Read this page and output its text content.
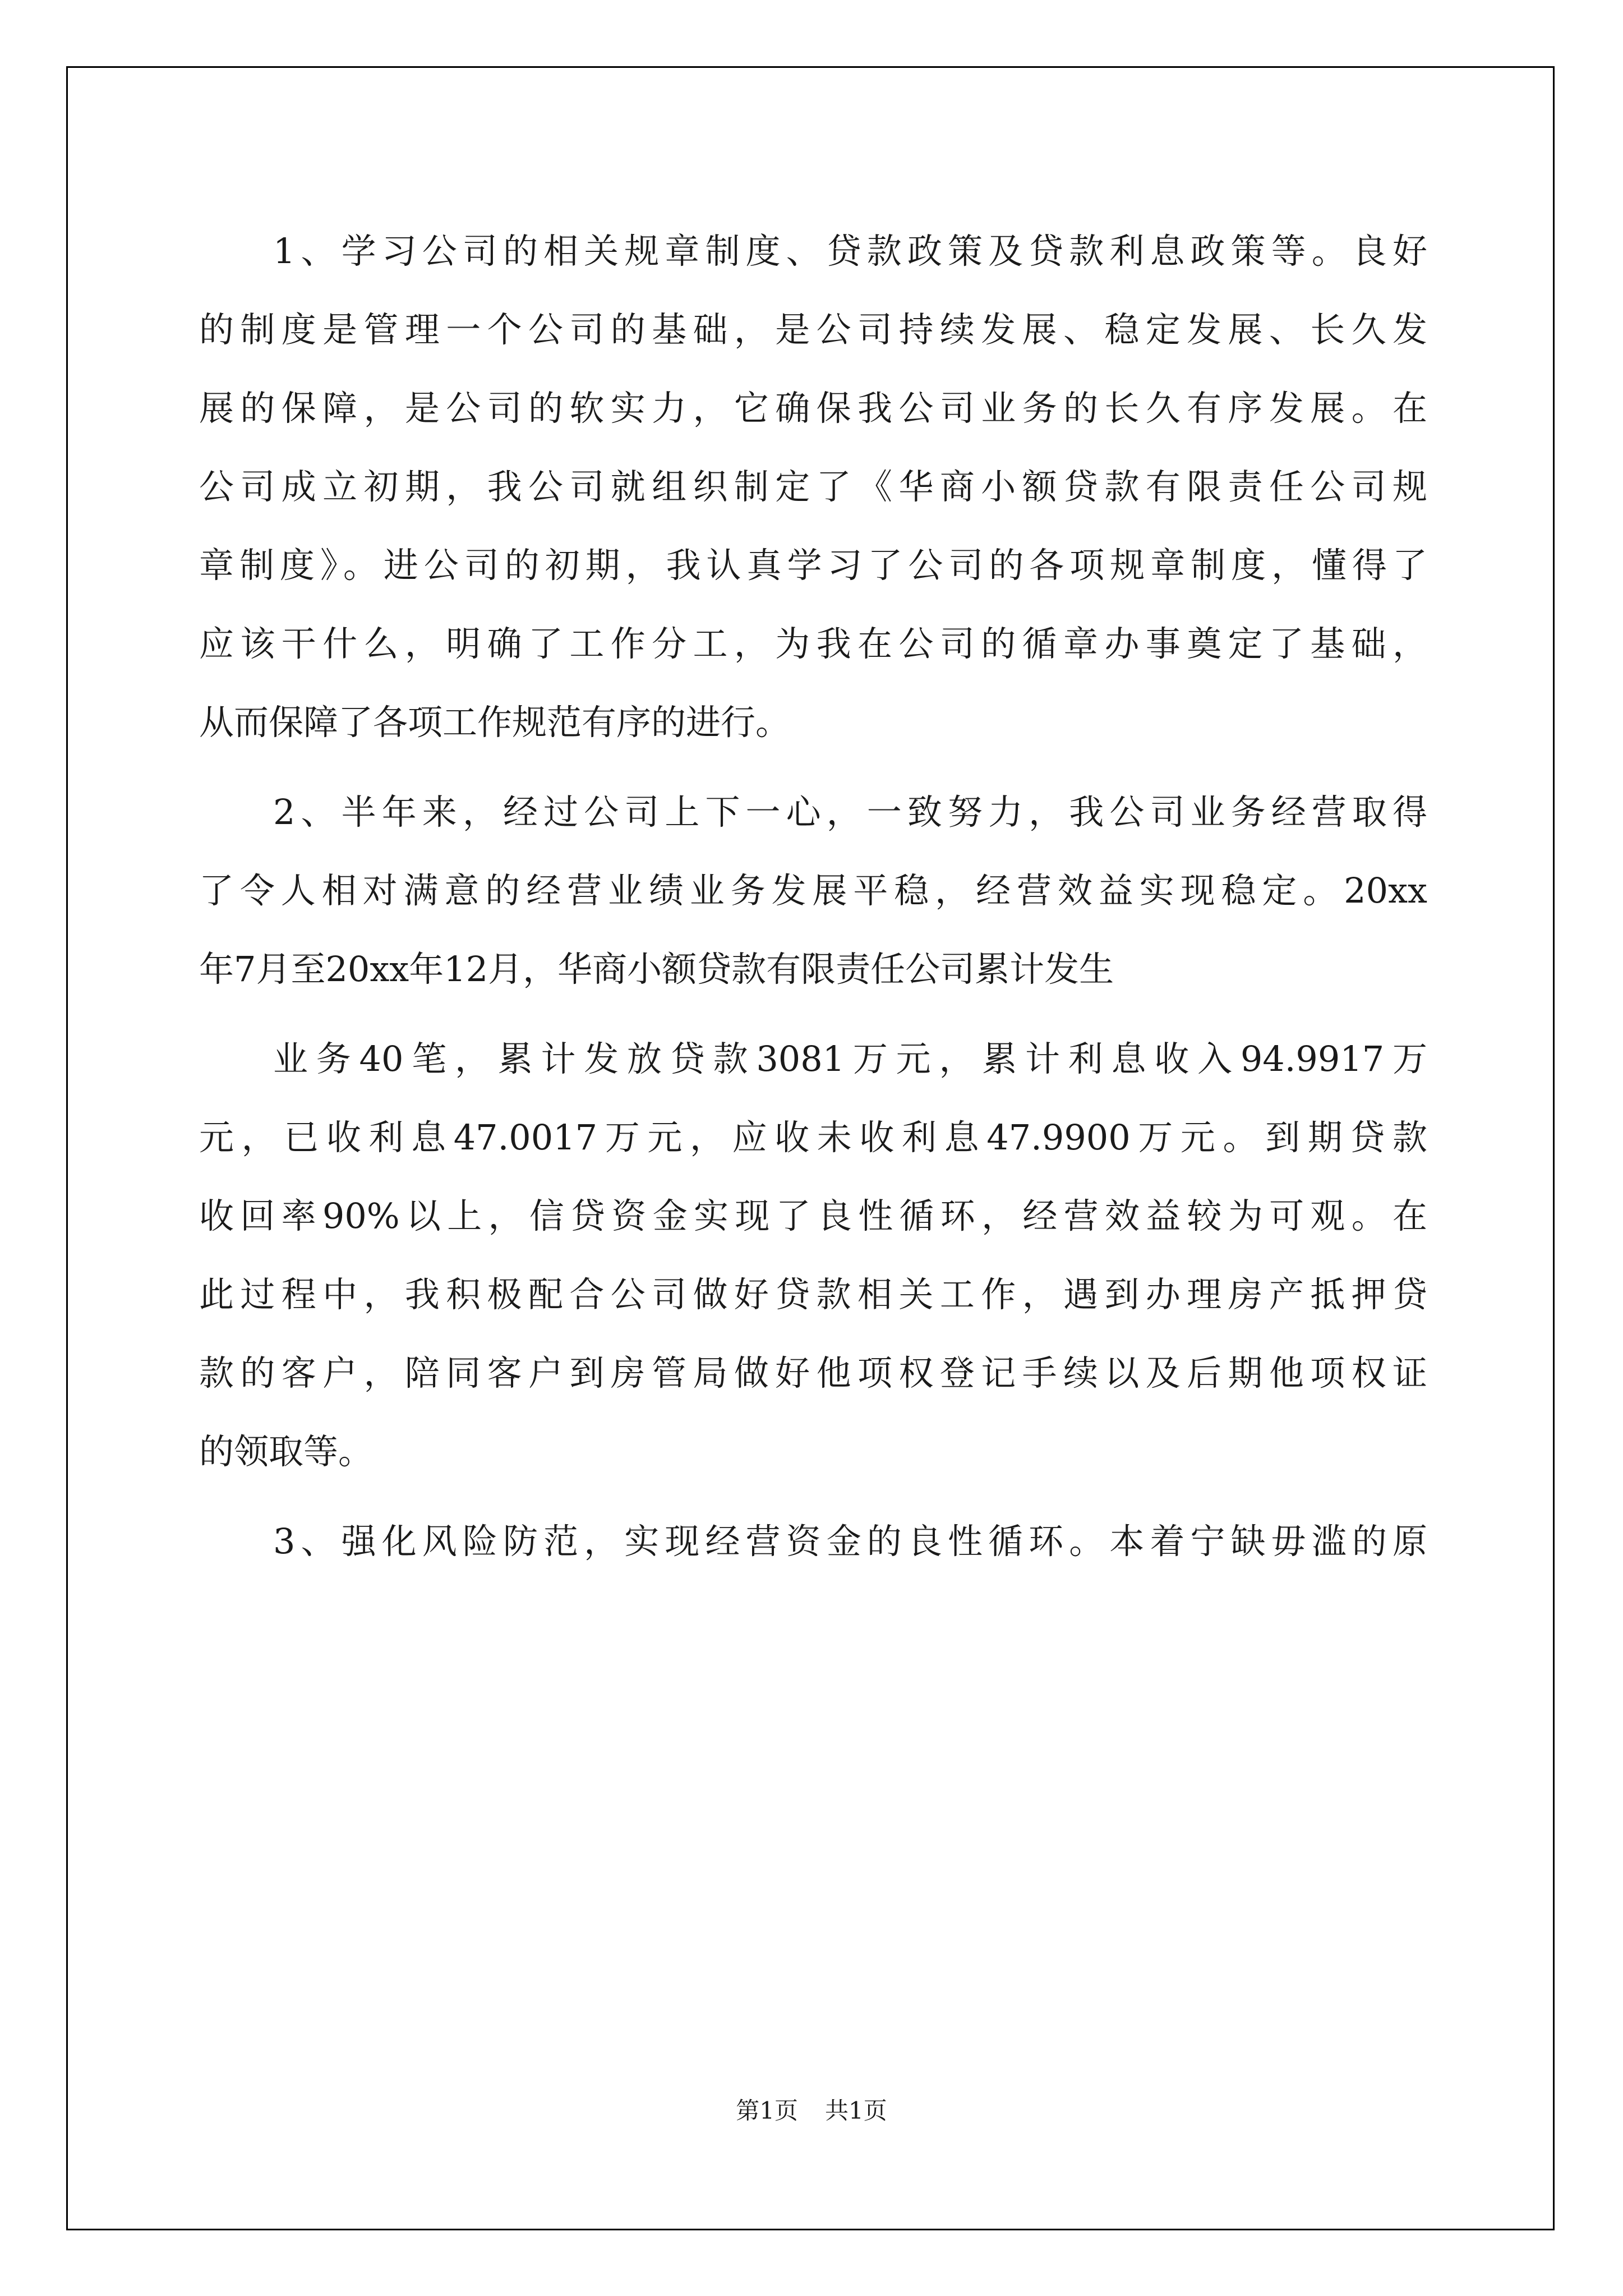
1、学习公司的相关规章制度、贷款政策及贷款利息政策等。良好
的制度是管理一个公司的基础，是公司持续发展、稳定发展、长久发
展的保障，是公司的软实力，它确保我公司业务的长久有序发展。在
公司成立初期，我公司就组织制定了《华商小额贷款有限责任公司规
章制度》。进公司的初期，我认真学习了公司的各项规章制度，懂得了
应该干什么，明确了工作分工，为我在公司的循章办事奠定了基础，
从而保障了各项工作规范有序的进行。
2、半年来，经过公司上下一心，一致努力，我公司业务经营取得
了令人相对满意的经营业绩业务发展平稳，经营效益实现稳定。20xx
年7月至20xx年12月，华商小额贷款有限责任公司累计发生
业务40笔，累计发放贷款3081万元，累计利息收入94.9917万
元，已收利息47.0017万元，应收未收利息47.9900万元。到期贷款
收回率90%以上，信贷资金实现了良性循环，经营效益较为可观。在
此过程中，我积极配合公司做好贷款相关工作，遇到办理房产抵押贷
款的客户，陪同客户到房管局做好他项权登记手续以及后期他项权证
的领取等。
3、强化风险防范，实现经营资金的良性循环。本着宁缺毋滥的原
第1页 共1页
